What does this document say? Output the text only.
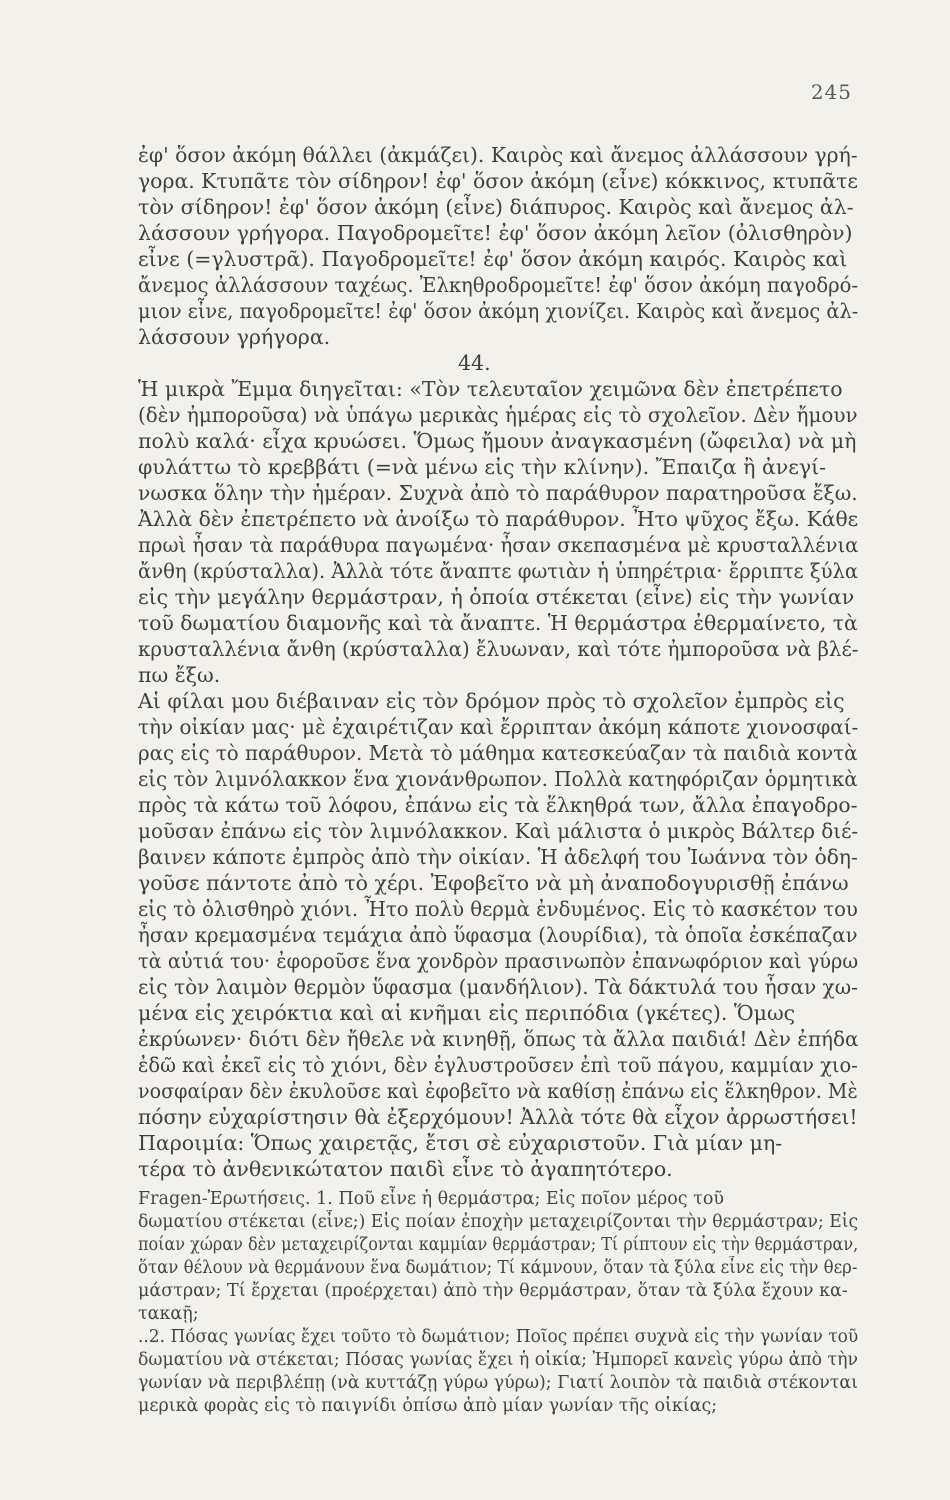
245
ἐφ' ὅσον ἀκόμη θάλλει (ἀκμάζει). Καιρὸς καὶ ἄνεμος ἀλλάσσουν γρή-
γορα. Κτυπᾶτε τὸν σίδηρον! ἐφ' ὅσον ἀκόμη (εἶνε) κόκκινος, κτυπᾶτε
τὸν σίδηρον! ἐφ' ὅσον ἀκόμη (εἶνε) διάπυρος. Καιρὸς καὶ ἄνεμος ἀλ-
λάσσουν γρήγορα. Παγοδρομεῖτε! ἐφ' ὅσον ἀκόμη λεῖον (ὀλισθηρὸν)
εἶνε (=γλυστρᾶ). Παγοδρομεῖτε! ἐφ' ὅσον ἀκόμη καιρός. Καιρὸς καὶ
ἄνεμος ἀλλάσσουν ταχέως. Ἐλκηθροδρομεῖτε! ἐφ' ὅσον ἀκόμη παγοδρό-
μιον εἶνε, παγοδρομεῖτε! ἐφ' ὅσον ἀκόμη χιονίζει. Καιρὸς καὶ ἄνεμος ἀλ-
λάσσουν γρήγορα.
44.
Ἡ μικρὰ Ἔμμα διηγεῖται: «Τὸν τελευταῖον χειμῶνα δὲν ἐπετρέπετο
(δὲν ἠμποροῦσα) νὰ ὑπάγω μερικὰς ἡμέρας εἰς τὸ σχολεῖον. Δὲν ἤμουν
πολὺ καλά· εἶχα κρυώσει. Ὅμως ἤμουν ἀναγκασμένη (ὤφειλα) νὰ μὴ
φυλάττω τὸ κρεββάτι (=νὰ μένω εἰς τὴν κλίνην). Ἔπαιζα ἢ ἀνεγί-
νωσκα ὅλην τὴν ἡμέραν. Συχνὰ ἀπὸ τὸ παράθυρον παρατηροῦσα ἔξω.
Ἀλλὰ δὲν ἐπετρέπετο νὰ ἀνοίξω τὸ παράθυρον. Ἦτο ψῦχος ἔξω. Κάθε
πρωὶ ἦσαν τὰ παράθυρα παγωμένα· ἦσαν σκεπασμένα μὲ κρυσταλλένια
ἄνθη (κρύσταλλα). Ἀλλὰ τότε ἄναπτε φωτιὰν ἡ ὑπηρέτρια· ἔρριπτε ξύλα
εἰς τὴν μεγάλην θερμάστραν, ἡ ὁποία στέκεται (εἶνε) εἰς τὴν γωνίαν
τοῦ δωματίου διαμονῆς καὶ τὰ ἄναπτε. Ἡ θερμάστρα ἐθερμαίνετο, τὰ
κρυσταλλένια ἄνθη (κρύσταλλα) ἔλυωναν, καὶ τότε ἠμποροῦσα νὰ βλέ-
πω ἔξω.
Αἱ φίλαι μου διέβαιναν εἰς τὸν δρόμον πρὸς τὸ σχολεῖον ἐμπρὸς εἰς
τὴν οἰκίαν μας· μὲ ἐχαιρέτιζαν καὶ ἔρριπταν ἀκόμη κάποτε χιονοσφαί-
ρας εἰς τὸ παράθυρον. Μετὰ τὸ μάθημα κατεσκεύαζαν τὰ παιδιὰ κοντὰ
εἰς τὸν λιμνόλακκον ἕνα χιονάνθρωπον. Πολλὰ κατηφόριζαν ὁρμητικὰ
πρὸς τὰ κάτω τοῦ λόφου, ἐπάνω εἰς τὰ ἕλκηθρά των, ἄλλα ἐπαγοδρο-
μοῦσαν ἐπάνω εἰς τὸν λιμνόλακκον. Καὶ μάλιστα ὁ μικρὸς Βάλτερ διέ-
βαινεν κάποτε ἐμπρὸς ἀπὸ τὴν οἰκίαν. Ἡ ἀδελφή του Ἰωάννα τὸν ὁδη-
γοῦσε πάντοτε ἀπὸ τὸ χέρι. Ἐφοβεῖτο νὰ μὴ ἀναποδογυρισθῇ ἐπάνω
εἰς τὸ ὀλισθηρὸ χιόνι. Ἦτο πολὺ θερμὰ ἐνδυμένος. Εἰς τὸ κασκέτον του
ἦσαν κρεμασμένα τεμάχια ἀπὸ ὕφασμα (λουρίδια), τὰ ὁποῖα ἐσκέπαζαν
τὰ αὐτιά του· ἐφοροῦσε ἕνα χονδρὸν πρασινωπὸν ἐπανωφόριον καὶ γύρω
εἰς τὸν λαιμὸν θερμὸν ὕφασμα (μανδήλιον). Τὰ δάκτυλά του ἦσαν χω-
μένα εἰς χειρόκτια καὶ αἱ κνῆμαι εἰς περιπόδια (γκέτες). Ὅμως
ἐκρύωνεν· διότι δὲν ἤθελε νὰ κινηθῇ, ὅπως τὰ ἄλλα παιδιά! Δὲν ἐπήδα
ἐδῶ καὶ ἐκεῖ εἰς τὸ χιόνι, δὲν ἐγλυστροῦσεν ἐπὶ τοῦ πάγου, καμμίαν χιο-
νοσφαίραν δὲν ἐκυλοῦσε καὶ ἐφοβεῖτο νὰ καθίσῃ ἐπάνω εἰς ἕλκηθρον. Μὲ
πόσην εὐχαρίστησιν θὰ ἐξερχόμουν! Ἀλλὰ τότε θὰ εἶχον ἀρρωστήσει!
Παροιμία: Ὅπως χαιρετᾷς, ἔτσι σὲ εὐχαριστοῦν. Γιὰ μίαν μη-
τέρα τὸ ἀνθενικώτατον παιδὶ εἶνε τὸ ἀγαπητότερο.
Fragen-Ἐρωτήσεις. 1. Ποῦ εἶνε ἡ θερμάστρα; Εἰς ποῖον μέρος τοῦ
δωματίου στέκεται (εἶνε;) Εἰς ποίαν ἐποχὴν μεταχειρίζονται τὴν θερμάστραν; Εἰς
ποίαν χώραν δὲν μεταχειρίζονται καμμίαν θερμάστραν; Τί ρίπτουν εἰς τὴν θερμάστραν,
ὅταν θέλουν νὰ θερμάνουν ἕνα δωμάτιον; Τί κάμνουν, ὅταν τὰ ξύλα εἶνε εἰς τὴν θερ-
μάστραν; Τί ἔρχεται (προέρχεται) ἀπὸ τὴν θερμάστραν, ὅταν τὰ ξύλα ἔχουν κα-
τακαῇ;
..2. Πόσας γωνίας ἔχει τοῦτο τὸ δωμάτιον; Ποῖος πρέπει συχνὰ εἰς τὴν γωνίαν τοῦ
δωματίου νὰ στέκεται; Πόσας γωνίας ἔχει ἡ οἰκία; Ἠμπορεῖ κανεὶς γύρω ἀπὸ τὴν
γωνίαν νὰ περιβλέπῃ (νὰ κυττάζῃ γύρω γύρω); Γιατί λοιπὸν τὰ παιδιὰ στέκονται
μερικὰ φορὰς εἰς τὸ παιγνίδι ὀπίσω ἀπὸ μίαν γωνίαν τῆς οἰκίας;
